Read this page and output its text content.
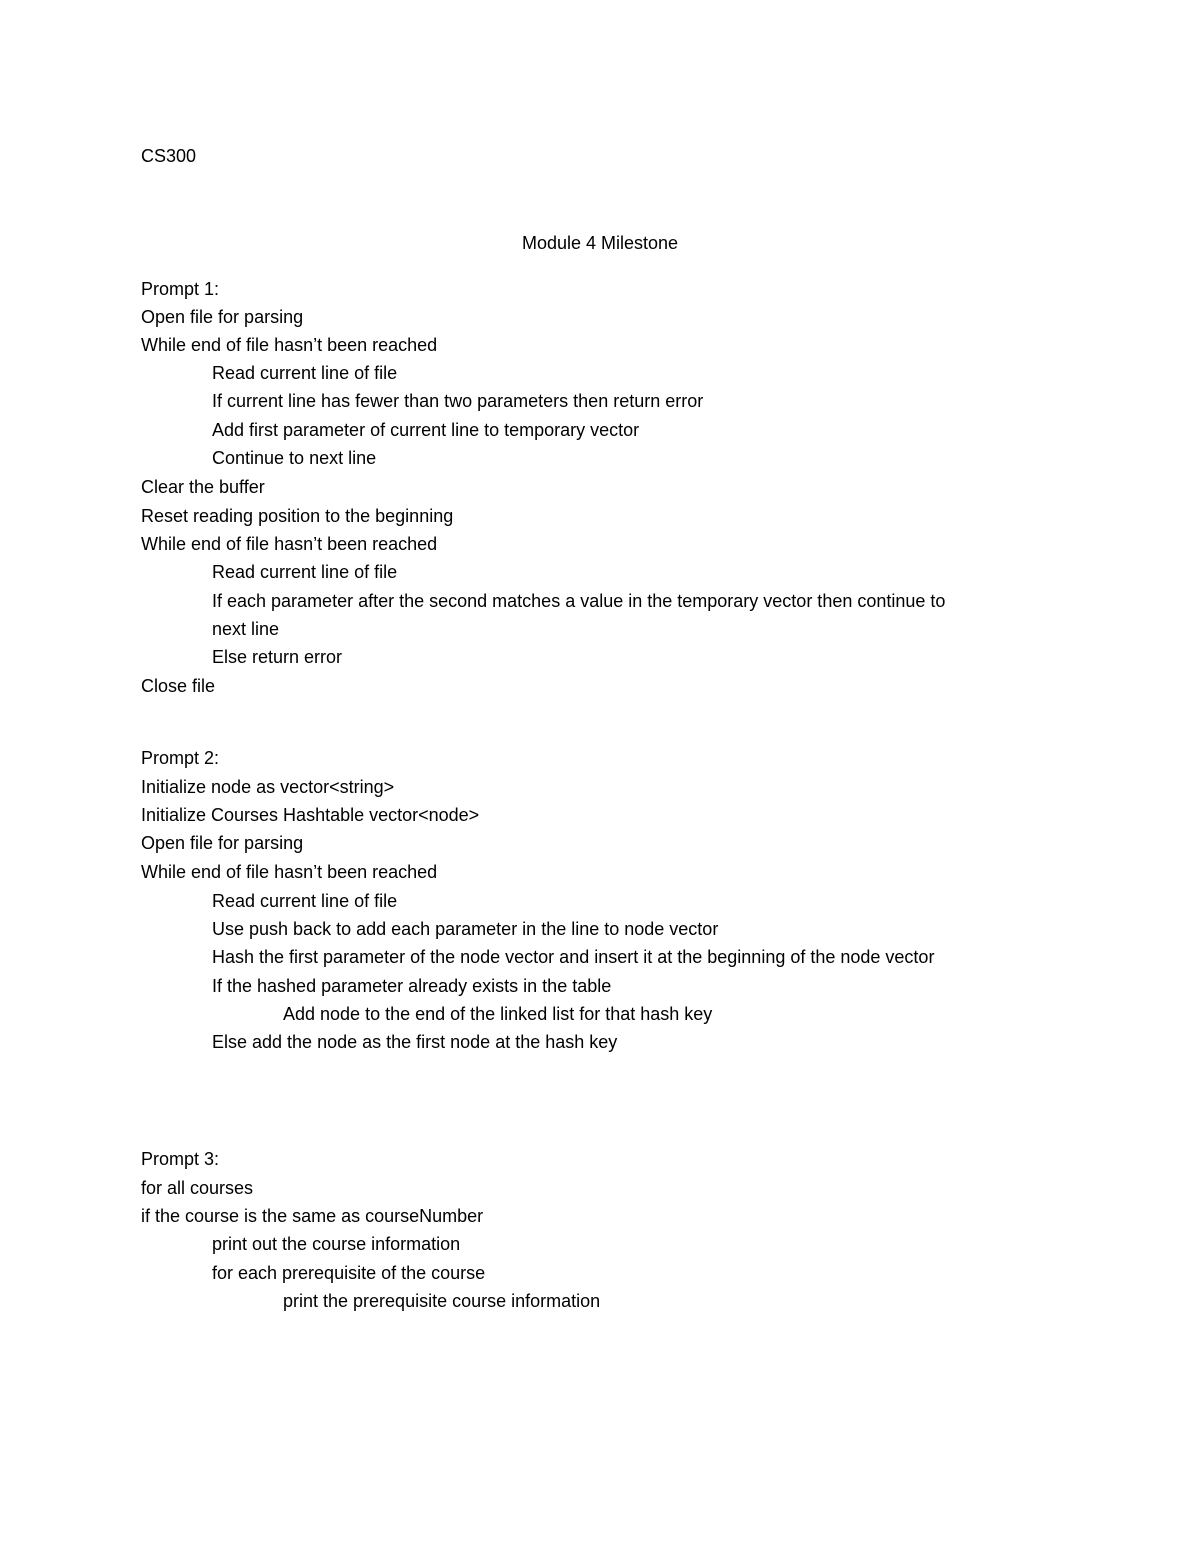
CS300
Module 4 Milestone
Prompt 1:
Open file for parsing
While end of file hasn’t been reached
Read current line of file
If current line has fewer than two parameters then return error
Add first parameter of current line to temporary vector
Continue to next line
Clear the buffer
Reset reading position to the beginning
While end of file hasn’t been reached
Read current line of file
If each parameter after the second matches a value in the temporary vector then continue to
next line
Else return error
Close file
Prompt 2:
Initialize node as vector<string>
Initialize Courses Hashtable vector<node>
Open file for parsing
While end of file hasn’t been reached
Read current line of file
Use push back to add each parameter in the line to node vector
Hash the first parameter of the node vector and insert it at the beginning of the node vector
If the hashed parameter already exists in the table
Add node to the end of the linked list for that hash key
Else add the node as the first node at the hash key
Prompt 3:
for all courses
if the course is the same as courseNumber
print out the course information
for each prerequisite of the course
print the prerequisite course information
